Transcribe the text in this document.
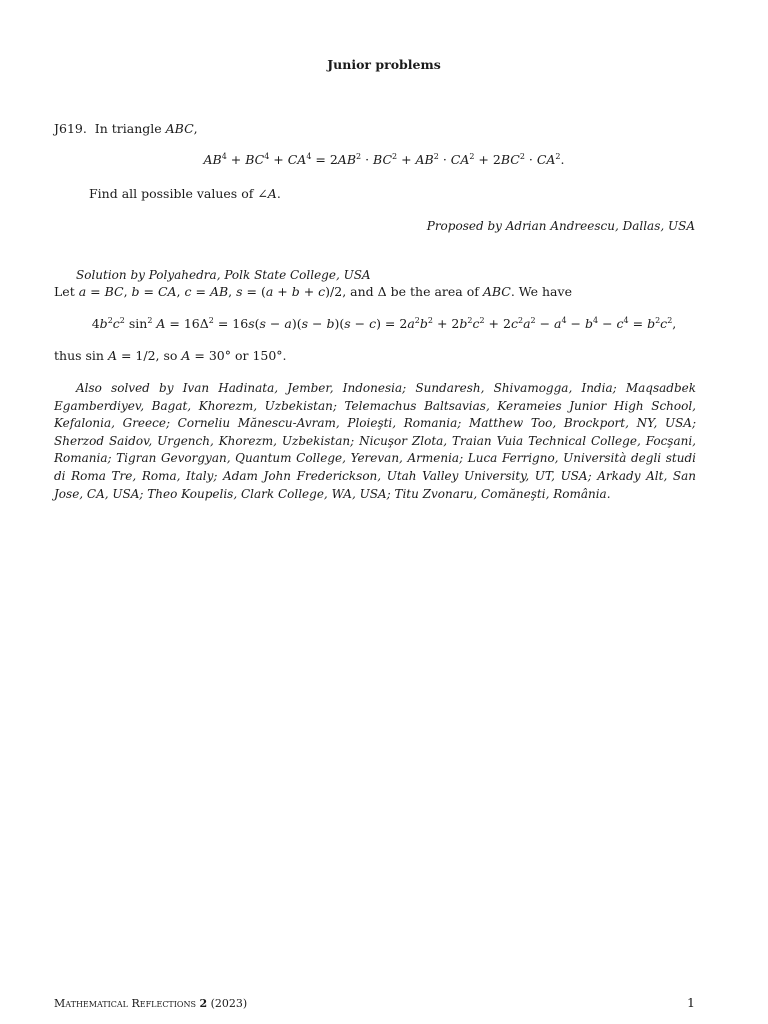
Junior problems
J619. In triangle ABC,
$AB^4 + BC^4 + CA^4 = 2AB^2 \cdot BC^2 + AB^2 \cdot CA^2 + 2BC^2 \cdot CA^2$.
Find all possible values of ∠A.
Proposed by Adrian Andreescu, Dallas, USA
Solution by Polyahedra, Polk State College, USA
Let a = BC, b = CA, c = AB, s = (a + b + c)/2, and Δ be the area of ABC. We have
$4b^2c^2$ $\sin^2 A = 16\Delta^2 = 16s(s - a)(s - b)(s - c) = 2a^2b^2 + 2b^2c^2 + 2c^2a^2 - a^4 - b^4 - c^4 = b^2c^2$,
thus sin A = 1/2, so A = 30° or 150°.

Also solved by Ivan Hadinata, Jember, Indonesia; Sundaresh, Shivamogga, India; Maqsadbek Egamberdiyev, Bagat, Khorezm, Uzbekistan; Telemachus Baltsavias, Kerameies Junior High School, Kefalonia, Greece; Corneliu Mănescu-Avram, Ploieşti, Romania; Matthew Too, Brockport, NY, USA; Sherzod Saidov, Urgench, Khorezm, Uzbekistan; Nicuşor Zlota, Traian Vuia Technical College, Focşani, Romania; Tigran Gevorgyan, Quantum College, Yerevan, Armenia; Luca Ferrigno, Università degli studi di Roma Tre, Roma, Italy; Adam John Frederickson, Utah Valley University, UT, USA; Arkady Alt, San Jose, CA, USA; Theo Koupelis, Clark College, WA, USA; Titu Zvonaru, Comăneşti, România.

Mathematical Reflections 2 (2023)	1
